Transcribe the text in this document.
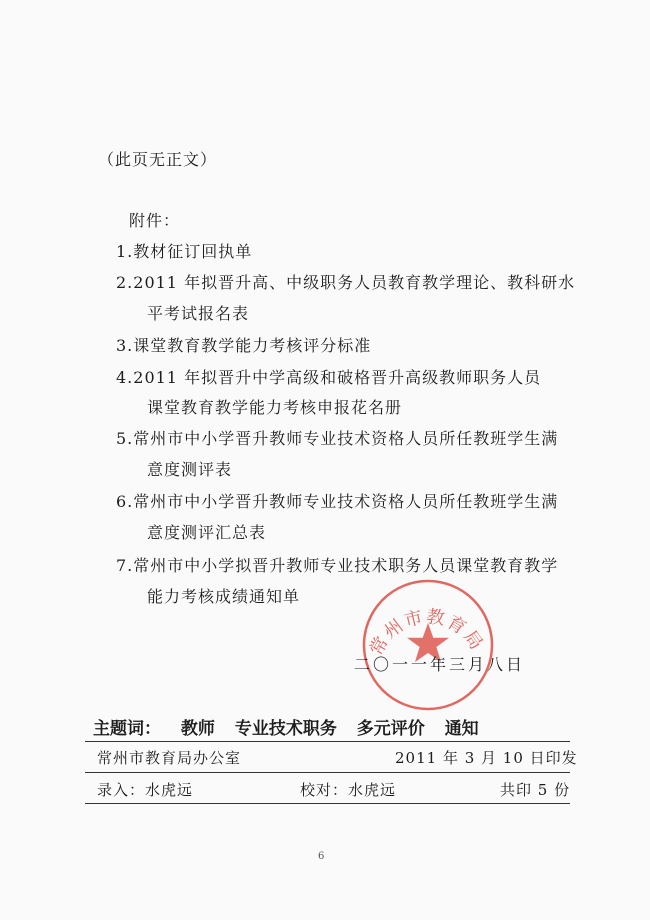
（此页无正文）
附件：
1.教材征订回执单
2.2011 年拟晋升高、中级职务人员教育教学理论、教科研水
平考试报名表
3.课堂教育教学能力考核评分标准
4.2011 年拟晋升中学高级和破格晋升高级教师职务人员
课堂教育教学能力考核申报花名册
5.常州市中小学晋升教师专业技术资格人员所任教班学生满
意度测评表
6.常州市中小学晋升教师专业技术资格人员所任教班学生满
意度测评汇总表
7.常州市中小学拟晋升教师专业技术职务人员课堂教育教学
能力考核成绩通知单
常州市教育局
二〇一一年三月八日
主题词： 教师 专业技术职务 多元评价 通知
常州市教育局办公室	2011 年 3 月 10 日印发
录入：水虎远	校对：水虎远	共印 5 份
6
